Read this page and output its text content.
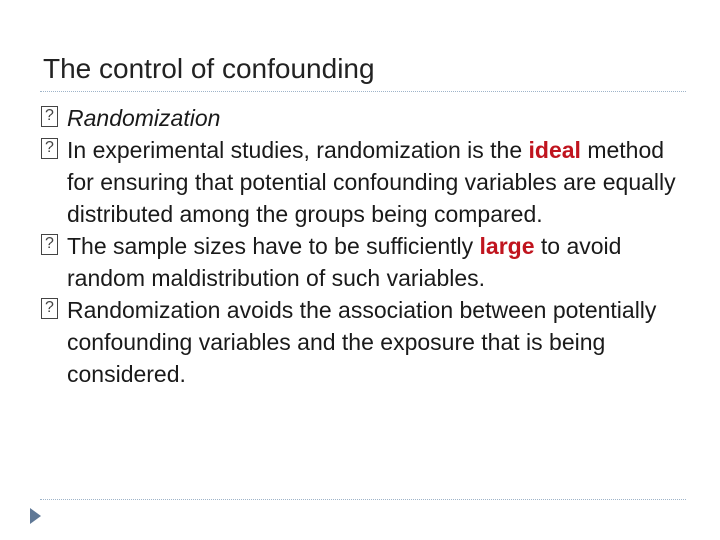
The control of confounding
?
Randomization
?
In experimental studies, randomization is the ideal method for ensuring that potential confounding variables are equally distributed among the groups being compared.
?
The sample sizes have to be sufficiently large to avoid random maldistribution of such variables.
?
Randomization avoids the association between potentially confounding variables and the exposure that is being considered.
